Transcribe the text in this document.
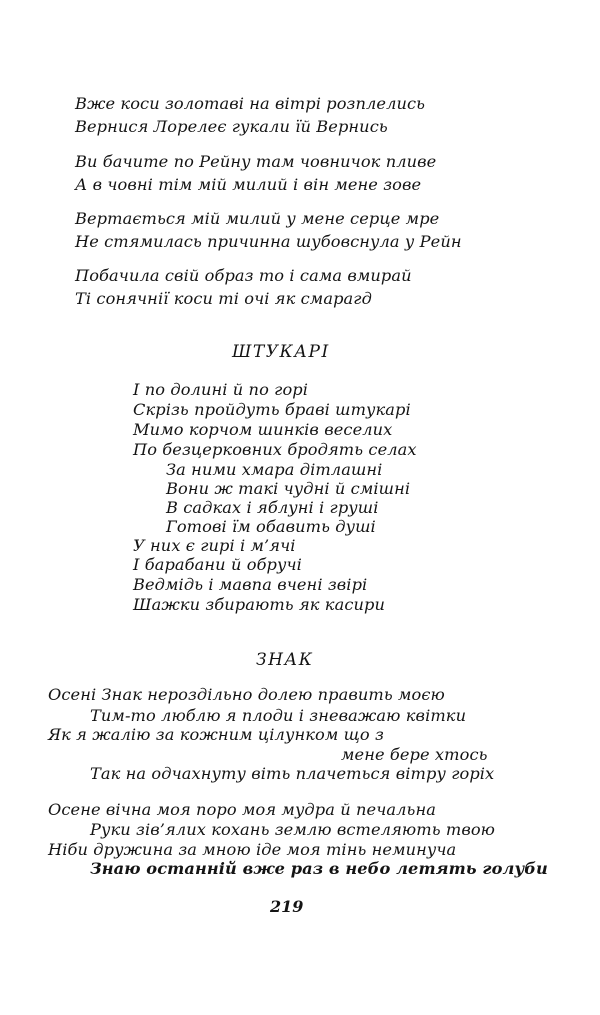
Вже коси золотаві на вітрі розплелись
Вернися Лорелеє гукали їй Вернись
Ви бачите по Рейну там човничок пливе
А в човні тім мій милий і він мене зове
Вертається мій милий у мене серце мре
Не стямилась причинна шубовснула у Рейн
Побачила свій образ то і сама вмирай
Ті сонячнії коси ті очі як смарагд
ШТУКАРІ
І по долині й по горі
Скрізь пройдуть браві штукарі
Мимо корчом шинків веселих
По безцерковних бродять селах
За ними хмара дітлашні
Вони ж такі чудні й смішні
В садках і яблуні і груші
Готові їм обавить душі
У них є гирі і м’ячі
І барабани й обручі
Ведмідь і мавпа вчені звірі
Шажки збирають як касири
ЗНАК
Осені Знак нероздільно долею править моєю
Тим-то люблю я плоди і зневажаю квітки
Як я жалію за кожним цілунком що з
мене бере хтось
Так на одчахнуту віть плачеться вітру горіх
Осене вічна моя поро моя мудра й печальна
Руки зів’ялих кохань землю встеляють твою
Ніби дружина за мною іде моя тінь неминуча
Знаю останній вже раз в небо летять голуби
219
